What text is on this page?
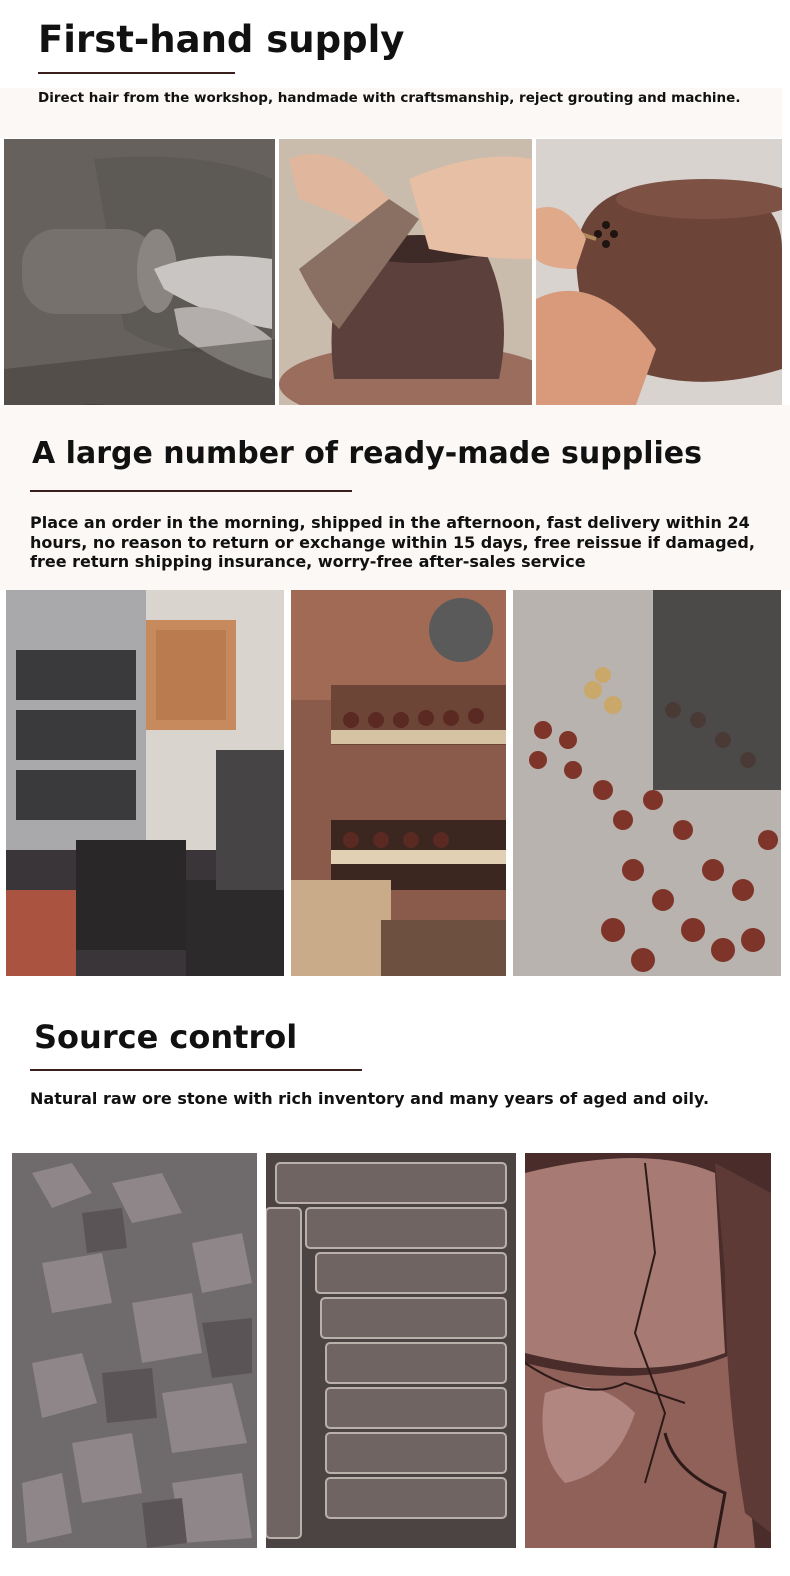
First-hand supply

Direct hair from the workshop, handmade with craftsmanship, reject grouting and machine.

A large number of ready-made supplies

Place an order in the morning, shipped in the afternoon, fast delivery within 24 hours, no reason to return or exchange within 15 days, free reissue if damaged, free return shipping insurance, worry-free after-sales service

Source control

Natural raw ore stone with rich inventory and many years of aged and oily.
